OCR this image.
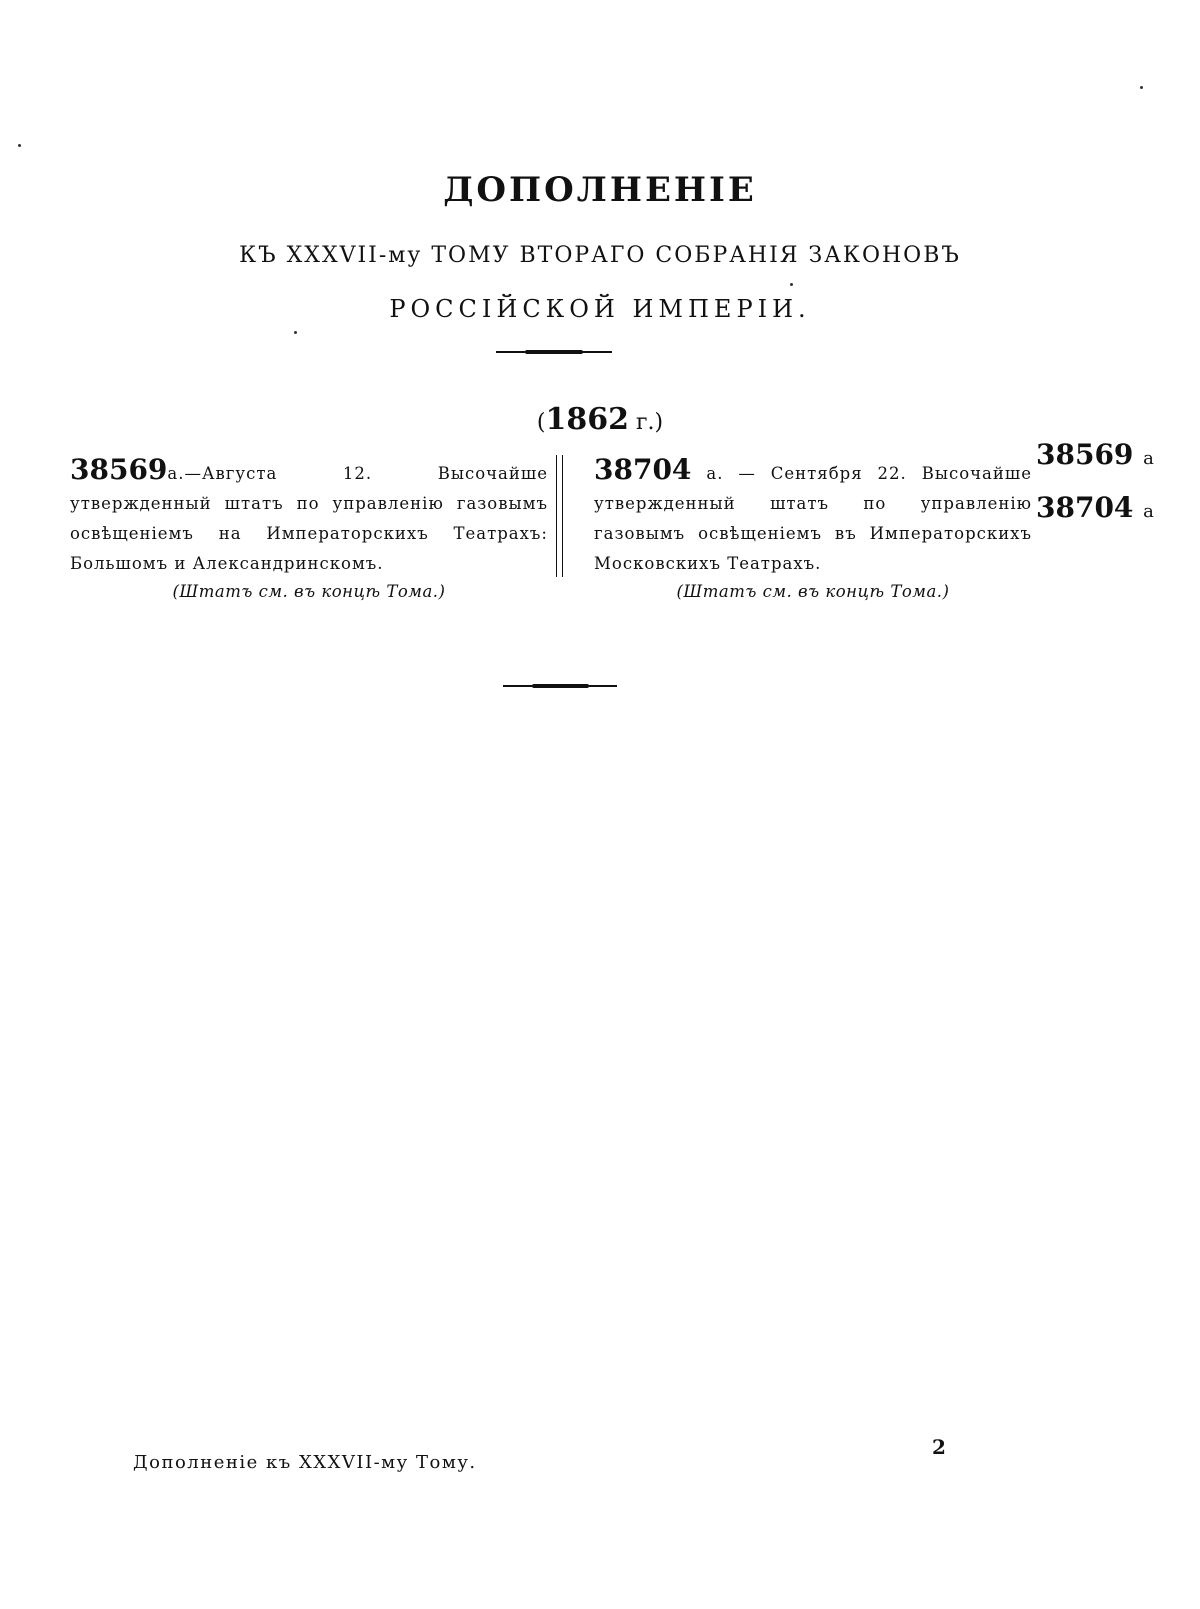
ДОПОЛНЕНІЕ
КЪ XXXVII-му ТОМУ ВТОРАГО СОБРАНІЯ ЗАКОНОВЪ
РОССІЙСКОЙ ИМПЕРІИ.
(1862 г.)
38569а.—Августа 12. Высочайше утвержденный штатъ по управленію газовымъ освѣщеніемъ на Императорскихъ Театрахъ: Большомъ и Александринскомъ.
(Штатъ см. въ концѣ Тома.)
38704 а. — Сентября 22. Высочайше утвержденный штатъ по управленію газовымъ освѣщеніемъ въ Императорскихъ Московскихъ Театрахъ.
(Штатъ см. въ концѣ Тома.)
38569 а
38704 а
Дополненіе къ XXXVII-му Тому.
2
